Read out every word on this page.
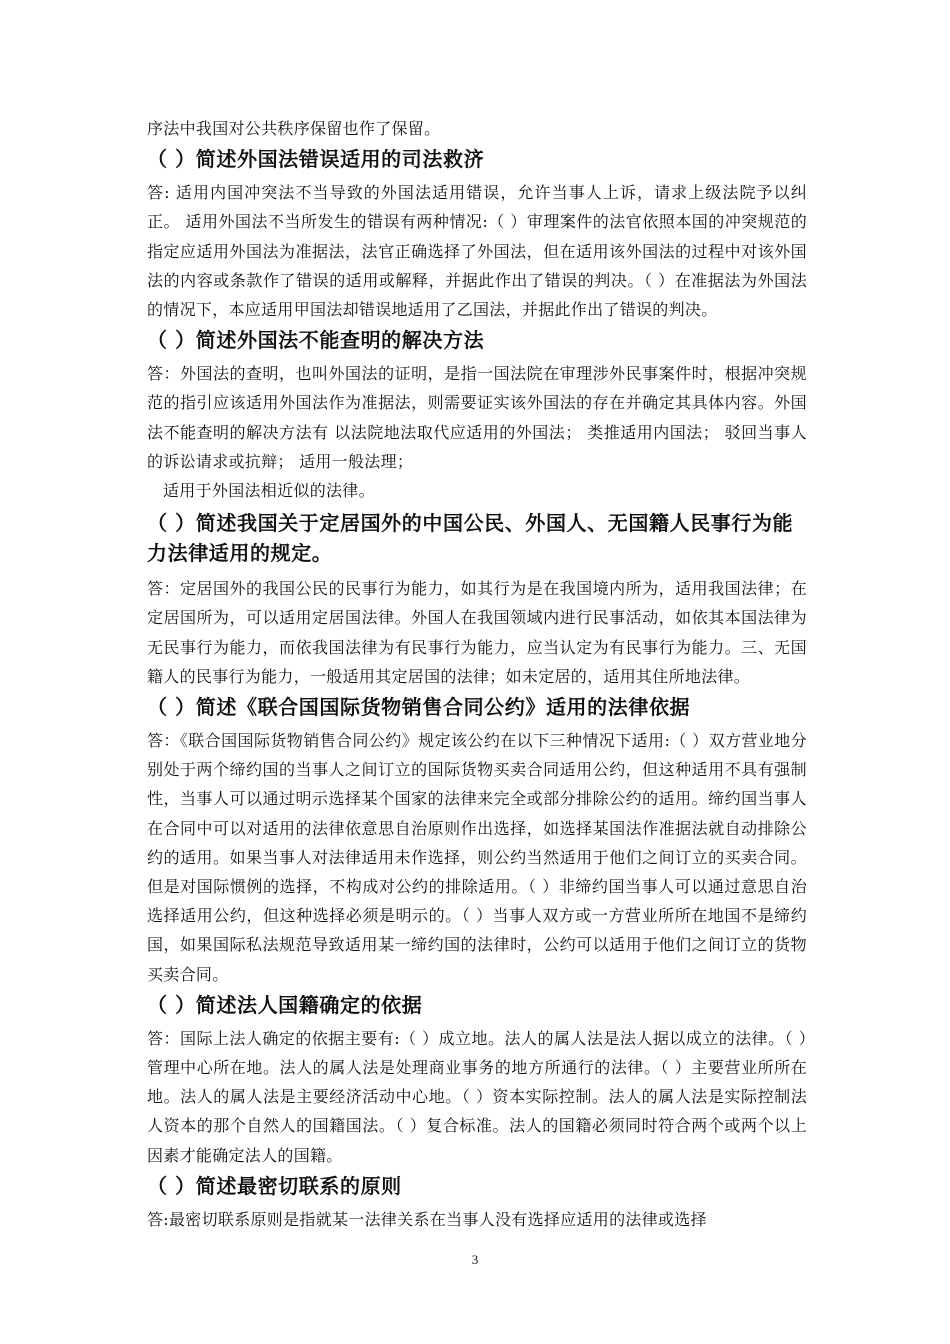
序法中我国对公共秩序保留也作了保留。

（ ）简述外国法错误适用的司法救济

答: 适用内国冲突法不当导致的外国法适用错误，允许当事人上诉，请求上级法院予以纠正。 适用外国法不当所发生的错误有两种情况:（ ）审理案件的法官依照本国的冲突规范的指定应适用外国法为准据法，法官正确选择了外国法，但在适用该外国法的过程中对该外国法的内容或条款作了错误的适用或解释，并据此作出了错误的判决。（ ）在准据法为外国法的情况下，本应适用甲国法却错误地适用了乙国法，并据此作出了错误的判决。

（ ）简述外国法不能查明的解决方法

答：外国法的查明，也叫外国法的证明，是指一国法院在审理涉外民事案件时，根据冲突规范的指引应该适用外国法作为准据法，则需要证实该外国法的存在并确定其具体内容。外国法不能查明的解决方法有 以法院地法取代应适用的外国法； 类推适用内国法； 驳回当事人的诉讼请求或抗辩； 适用一般法理；

适用于外国法相近似的法律。

（ ）简述我国关于定居国外的中国公民、外国人、无国籍人民事行为能力法律适用的规定。

答：定居国外的我国公民的民事行为能力，如其行为是在我国境内所为，适用我国法律；在定居国所为，可以适用定居国法律。外国人在我国领域内进行民事活动，如依其本国法律为无民事行为能力，而依我国法律为有民事行为能力，应当认定为有民事行为能力。三、无国籍人的民事行为能力，一般适用其定居国的法律；如未定居的，适用其住所地法律。

（ ）简述《联合国国际货物销售合同公约》适用的法律依据

答：《联合国国际货物销售合同公约》规定该公约在以下三种情况下适用:（ ）双方营业地分别处于两个缔约国的当事人之间订立的国际货物买卖合同适用公约，但这种适用不具有强制性，当事人可以通过明示选择某个国家的法律来完全或部分排除公约的适用。缔约国当事人在合同中可以对适用的法律依意思自治原则作出选择，如选择某国法作准据法就自动排除公约的适用。如果当事人对法律适用未作选择，则公约当然适用于他们之间订立的买卖合同。但是对国际惯例的选择，不构成对公约的排除适用。（ ）非缔约国当事人可以通过意思自治选择适用公约，但这种选择必须是明示的。（ ）当事人双方或一方营业所所在地国不是缔约国，如果国际私法规范导致适用某一缔约国的法律时，公约可以适用于他们之间订立的货物买卖合同。

（ ）简述法人国籍确定的依据

答：国际上法人确定的依据主要有:（ ）成立地。法人的属人法是法人据以成立的法律。（ ）管理中心所在地。法人的属人法是处理商业事务的地方所通行的法律。（ ）主要营业所所在地。法人的属人法是主要经济活动中心地。（ ）资本实际控制。法人的属人法是实际控制法人资本的那个自然人的国籍国法。（ ）复合标准。法人的国籍必须同时符合两个或两个以上因素才能确定法人的国籍。

（ ）简述最密切联系的原则

答:最密切联系原则是指就某一法律关系在当事人没有选择应适用的法律或选择

3
